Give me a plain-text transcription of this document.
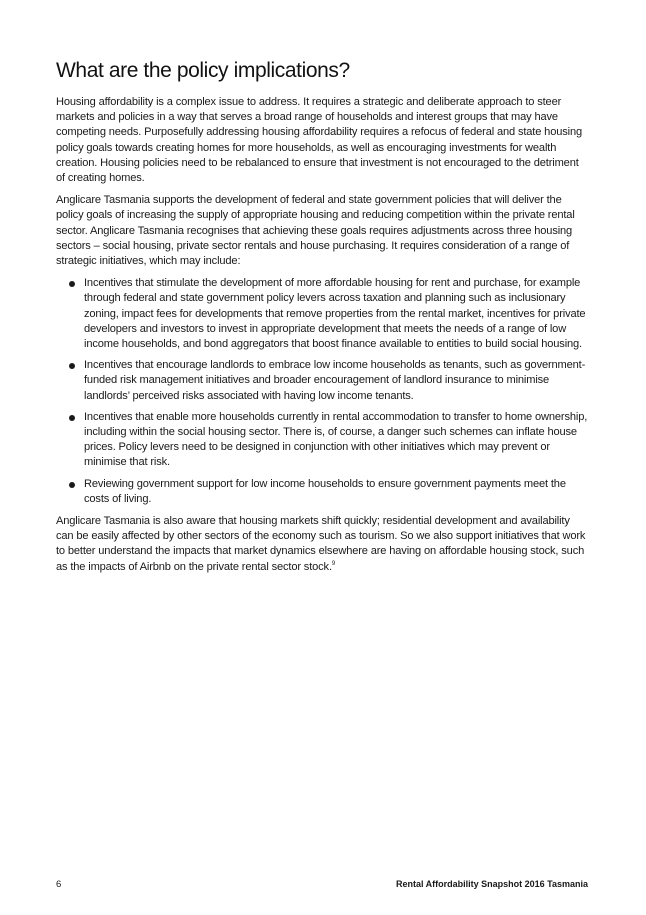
What are the policy implications?

Housing affordability is a complex issue to address. It requires a strategic and deliberate approach to steer markets and policies in a way that serves a broad range of households and interest groups that may have competing needs. Purposefully addressing housing affordability requires a refocus of federal and state housing policy goals towards creating homes for more households, as well as encouraging investments for wealth creation. Housing policies need to be rebalanced to ensure that investment is not encouraged to the detriment of creating homes.

Anglicare Tasmania supports the development of federal and state government policies that will deliver the policy goals of increasing the supply of appropriate housing and reducing competition within the private rental sector. Anglicare Tasmania recognises that achieving these goals requires adjustments across three housing sectors – social housing, private sector rentals and house purchasing. It requires consideration of a range of strategic initiatives, which may include:

Incentives that stimulate the development of more affordable housing for rent and purchase, for example through federal and state government policy levers across taxation and planning such as inclusionary zoning, impact fees for developments that remove properties from the rental market, incentives for private developers and investors to invest in appropriate development that meets the needs of a range of low income households, and bond aggregators that boost finance available to entities to build social housing.
Incentives that encourage landlords to embrace low income households as tenants, such as government-funded risk management initiatives and broader encouragement of landlord insurance to minimise landlords’ perceived risks associated with having low income tenants.
Incentives that enable more households currently in rental accommodation to transfer to home ownership, including within the social housing sector. There is, of course, a danger such schemes can inflate house prices. Policy levers need to be designed in conjunction with other initiatives which may prevent or minimise that risk.
Reviewing government support for low income households to ensure government payments meet the costs of living.

Anglicare Tasmania is also aware that housing markets shift quickly; residential development and availability can be easily affected by other sectors of the economy such as tourism. So we also support initiatives that work to better understand the impacts that market dynamics elsewhere are having on affordable housing stock, such as the impacts of Airbnb on the private rental sector stock.$^9$

6	Rental Affordability Snapshot 2016 Tasmania
